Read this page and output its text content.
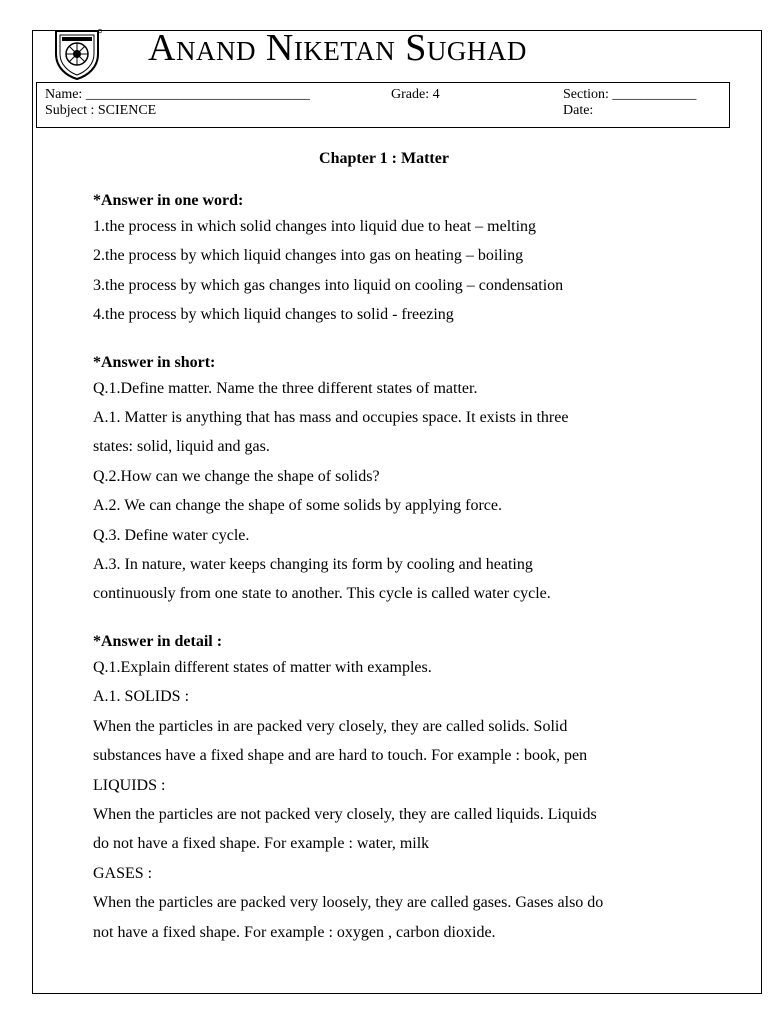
Anand Niketan Sughad
Name: ________________________________	Grade: 4	Section: ____________
Subject : SCIENCE	Date:
Chapter 1 : Matter

*Answer in one word:

1.the process in which solid changes into liquid due to heat – melting

2.the process by which liquid changes into gas on heating – boiling

3.the process by which gas changes into liquid on cooling – condensation

4.the process by which liquid changes to solid - freezing

*Answer in short:

Q.1.Define matter. Name the three different states of matter.

A.1. Matter is anything that has mass and occupies space. It exists in three

states: solid, liquid and gas.

Q.2.How can we change the shape of solids?

A.2. We can change the shape of some solids by applying force.

Q.3. Define water cycle.

A.3. In nature, water keeps changing its form by cooling and heating

continuously from one state to another. This cycle is called water cycle.

*Answer in detail :

Q.1.Explain different states of matter with examples.

A.1. SOLIDS :

When the particles in are packed very closely, they are called solids. Solid

substances have a fixed shape and are hard to touch. For example : book, pen

LIQUIDS :

When the particles are not packed very closely, they are called liquids. Liquids

do not have a fixed shape. For example : water, milk

GASES :

When the particles are packed very loosely, they are called gases. Gases also do

not have a fixed shape. For example : oxygen , carbon dioxide.
